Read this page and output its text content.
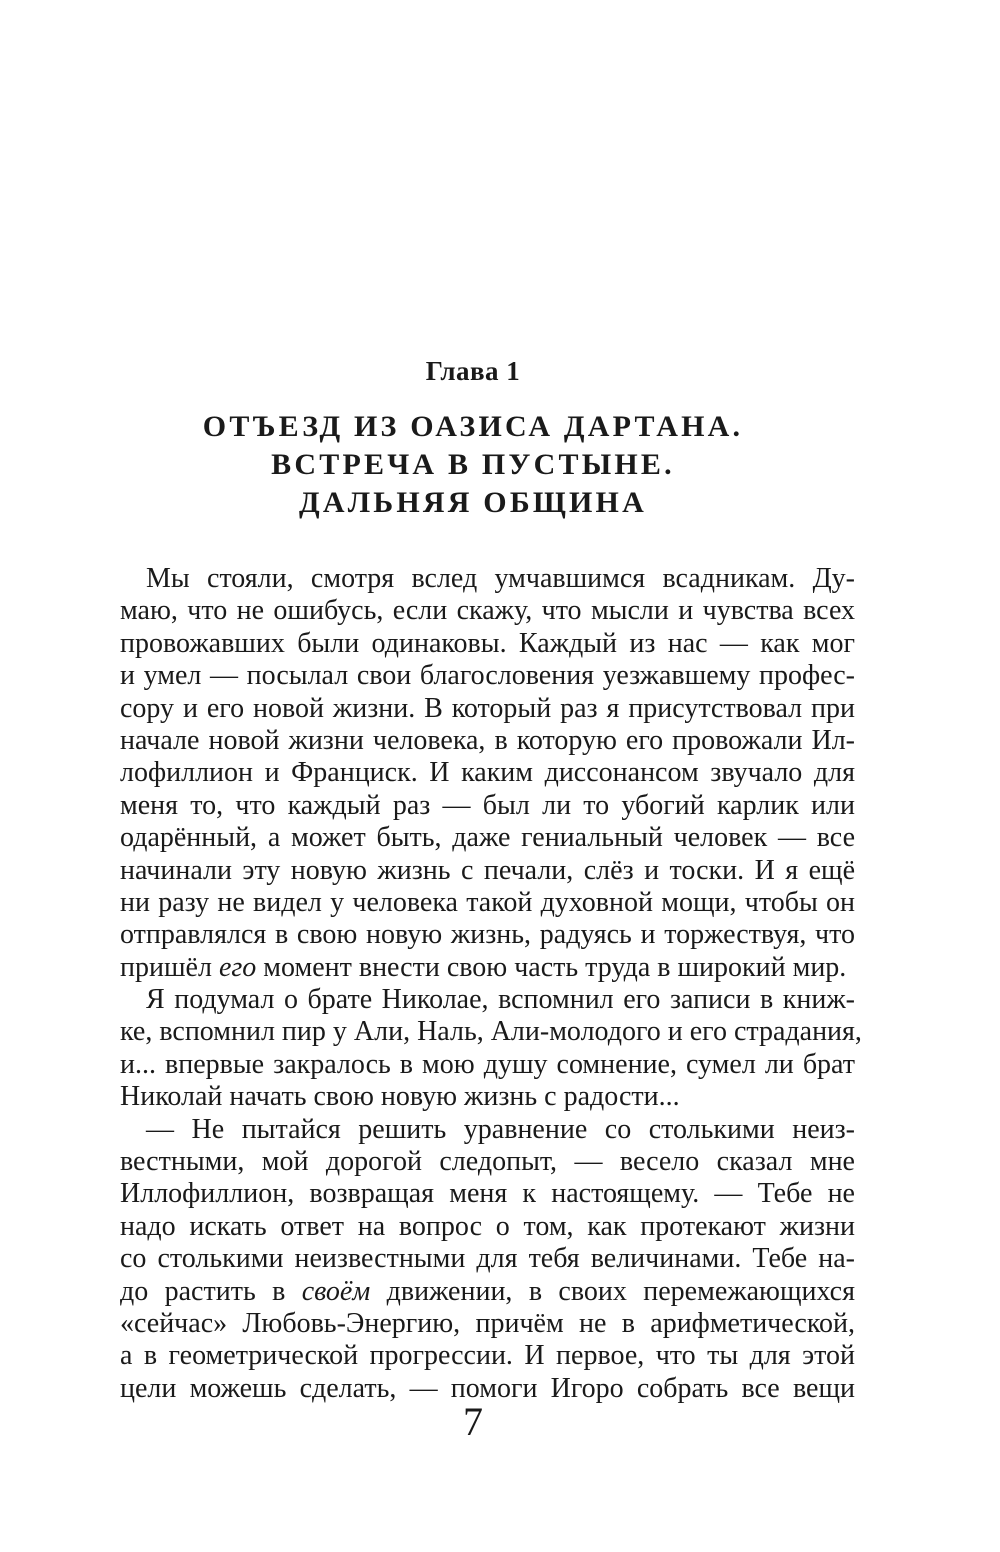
Глава 1
ОТЪЕЗД ИЗ ОАЗИСА ДАРТАНА.
ВСТРЕЧА В ПУСТЫНЕ.
ДАЛЬНЯЯ ОБЩИНА
Мы стояли, смотря вслед умчавшимся всадникам. Ду-
маю, что не ошибусь, если скажу, что мысли и чувства всех
провожавших были одинаковы. Каждый из нас — как мог
и умел — посылал свои благословения уезжавшему профес-
сору и его новой жизни. В который раз я присутствовал при
начале новой жизни человека, в которую его провожали Ил-
лофиллион и Франциск. И каким диссонансом звучало для
меня то, что каждый раз — был ли то убогий карлик или
одарённый, а может быть, даже гениальный человек — все
начинали эту новую жизнь с печали, слёз и тоски. И я ещё
ни разу не видел у человека такой духовной мощи, чтобы он
отправлялся в свою новую жизнь, радуясь и торжествуя, что
пришёл его момент внести свою часть труда в широкий мир.
Я подумал о брате Николае, вспомнил его записи в книж-
ке, вспомнил пир у Али, Наль, Али-молодого и его страдания,
и... впервые закралось в мою душу сомнение, сумел ли брат
Николай начать свою новую жизнь с радости...
— Не пытайся решить уравнение со столькими неиз-
вестными, мой дорогой следопыт, — весело сказал мне
Иллофиллион, возвращая меня к настоящему. — Тебе не
надо искать ответ на вопрос о том, как протекают жизни
со столькими неизвестными для тебя величинами. Тебе на-
до растить в своём движении, в своих перемежающихся
«сейчас» Любовь-Энергию, причём не в арифметической,
а в геометрической прогрессии. И первое, что ты для этой
цели можешь сделать, — помоги Игоро собрать все вещи
7
